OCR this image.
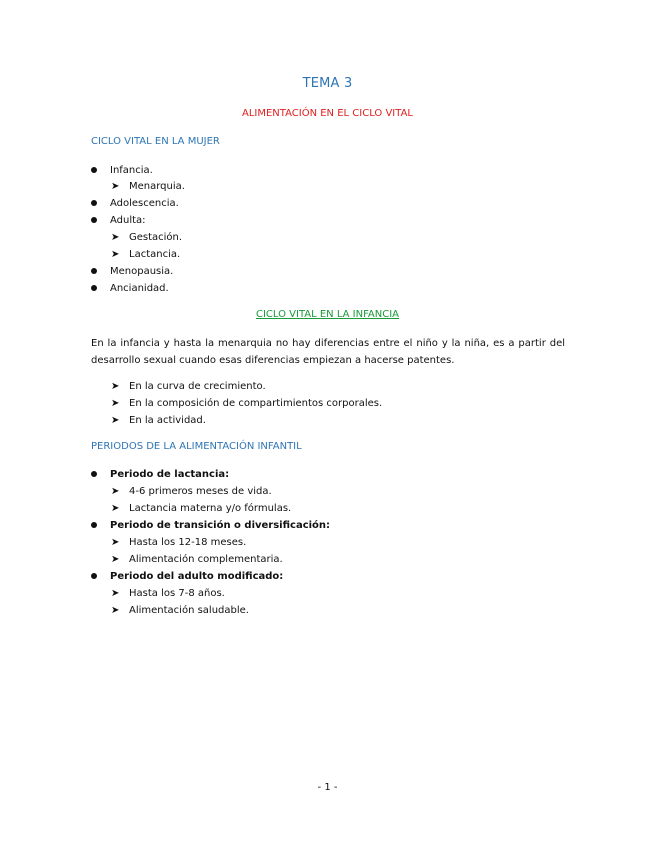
TEMA 3
ALIMENTACIÓN EN EL CICLO VITAL
CICLO VITAL EN LA MUJER
Infancia.
➤ Menarquia.
Adolescencia.
Adulta:
➤ Gestación.
➤ Lactancia.
Menopausia.
Ancianidad.
CICLO VITAL EN LA INFANCIA
En la infancia y hasta la menarquia no hay diferencias entre el niño y la niña, es a partir del desarrollo sexual cuando esas diferencias empiezan a hacerse patentes.
➤ En la curva de crecimiento.
➤ En la composición de compartimientos corporales.
➤ En la actividad.
PERIODOS DE LA ALIMENTACIÓN INFANTIL
Periodo de lactancia:
➤ 4-6 primeros meses de vida.
➤ Lactancia materna y/o fórmulas.
Periodo de transición o diversificación:
➤ Hasta los 12-18 meses.
➤ Alimentación complementaria.
Periodo del adulto modificado:
➤ Hasta los 7-8 años.
➤ Alimentación saludable.
- 1 -
